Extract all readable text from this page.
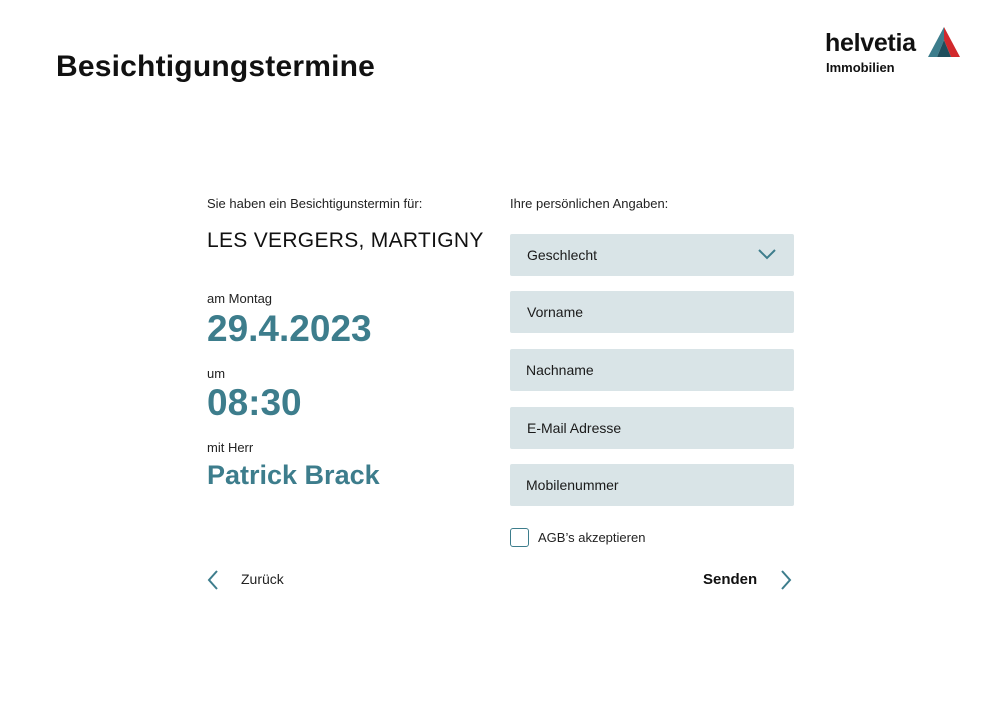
Besichtigungstermine
helvetia
Immobilien
Sie haben ein Besichtigunstermin für:
LES VERGERS, MARTIGNY
am Montag
29.4.2023
um
08:30
mit Herr
Patrick Brack
Ihre persönlichen Angaben:
Geschlecht
Vorname
Nachname
E-Mail Adresse
Mobilenummer
AGB’s akzeptieren
Zurück	Senden
